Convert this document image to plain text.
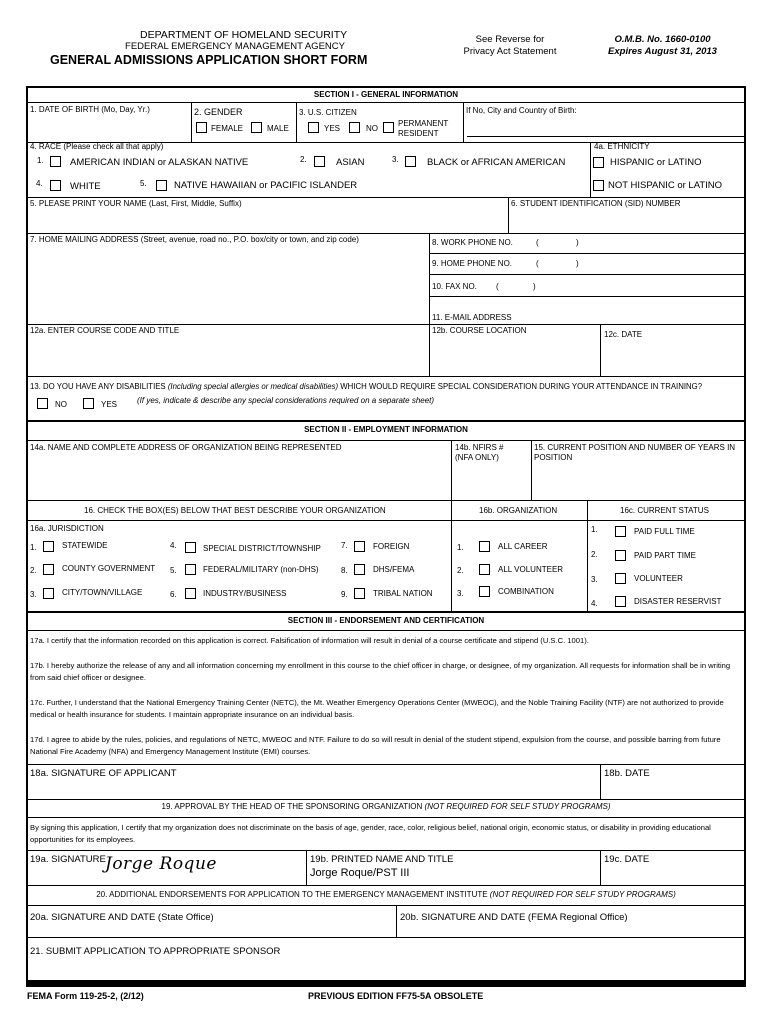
DEPARTMENT OF HOMELAND SECURITY
FEDERAL EMERGENCY MANAGEMENT AGENCY
GENERAL ADMISSIONS APPLICATION SHORT FORM
See Reverse for
Privacy Act Statement
O.M.B. No. 1660-0100
Expires August 31, 2013
SECTION I - GENERAL INFORMATION
1. DATE OF BIRTH (Mo, Day, Yr.)	2. GENDER
FEMALE	MALE
3. U.S. CITIZEN
YES	NO
PERMANENT
RESIDENT
If No, City and Country of Birth:
4. RACE (Please check all that apply)	4a. ETHNICITY
1.	AMERICAN INDIAN or ALASKAN NATIVE	2.	ASIAN	3.	BLACK or AFRICAN AMERICAN	HISPANIC or LATINO
4.	WHITE	5.	NATIVE HAWAIIAN or PACIFIC ISLANDER	NOT HISPANIC or LATINO
5. PLEASE PRINT YOUR NAME (Last, First, Middle, Suffix)	6. STUDENT IDENTIFICATION (SID) NUMBER
7. HOME MAILING ADDRESS (Street, avenue, road no., P.O. box/city or town, and zip code)	8. WORK PHONE NO.	(	)
9. HOME PHONE NO.	(	)
10. FAX NO. (	)
11. E-MAIL ADDRESS
12a. ENTER COURSE CODE AND TITLE	12b. COURSE LOCATION	12c. DATE
13. DO YOU HAVE ANY DISABILITIES (Including special allergies or medical disabilities) WHICH WOULD REQUIRE SPECIAL CONSIDERATION DURING YOUR ATTENDANCE IN TRAINING?
NO	YES (If yes, indicate & describe any special considerations required on a separate sheet)
SECTION II - EMPLOYMENT INFORMATION
14a. NAME AND COMPLETE ADDRESS OF ORGANIZATION BEING REPRESENTED	14b. NFIRS #
(NFA ONLY)
15. CURRENT POSITION AND NUMBER OF YEARS IN
POSITION
16. CHECK THE BOX(ES) BELOW THAT BEST DESCRIBE YOUR ORGANIZATION	16b. ORGANIZATION	16c. CURRENT STATUS
16a. JURISDICTION
1.	STATEWIDE
2.	COUNTY GOVERNMENT
3.	CITY/TOWN/VILLAGE
4.	SPECIAL DISTRICT/TOWNSHIP
5.	FEDERAL/MILITARY (non-DHS)
6.	INDUSTRY/BUSINESS
7.	FOREIGN
8.	DHS/FEMA
9.	TRIBAL NATION
1.	ALL CAREER
2.	ALL VOLUNTEER
3.	COMBINATION
1.	PAID FULL TIME
2.	PAID PART TIME
3.	VOLUNTEER
4.	DISASTER RESERVIST
SECTION III - ENDORSEMENT AND CERTIFICATION
17a. I certify that the information recorded on this application is correct. Falsification of information will result in denial of a course certificate and stipend (U.S.C. 1001).
17b. I hereby authorize the release of any and all information concerning my enrollment in this course to the chief officer in charge, or designee, of my organization. All requests for information shall be in writing from said chief officer or designee.
17c. Further, I understand that the National Emergency Training Center (NETC), the Mt. Weather Emergency Operations Center (MWEOC), and the Noble Training Facility (NTF) are not authorized to provide medical or health insurance for students. I maintain appropriate insurance on an individual basis.
17d. I agree to abide by the rules, policies, and regulations of NETC, MWEOC and NTF. Failure to do so will result in denial of the student stipend, expulsion from the course, and possible barring from future National Fire Academy (NFA) and Emergency Management Institute (EMI) courses.
18a. SIGNATURE OF APPLICANT	18b. DATE
19. APPROVAL BY THE HEAD OF THE SPONSORING ORGANIZATION (NOT REQUIRED FOR SELF STUDY PROGRAMS)
By signing this application, I certify that my organization does not discriminate on the basis of age, gender, race, color, religious belief, national origin, economic status, or disability in providing educational opportunities for its employees.
19a. SIGNATURE Jorge Roque	19b. PRINTED NAME AND TITLE
Jorge Roque/PST III
19c. DATE
20. ADDITIONAL ENDORSEMENTS FOR APPLICATION TO THE EMERGENCY MANAGEMENT INSTITUTE (NOT REQUIRED FOR SELF STUDY PROGRAMS)
20a. SIGNATURE AND DATE (State Office)	20b. SIGNATURE AND DATE (FEMA Regional Office)
21. SUBMIT APPLICATION TO APPROPRIATE SPONSOR
FEMA Form 119-25-2, (2/12)	PREVIOUS EDITION FF75-5A OBSOLETE
